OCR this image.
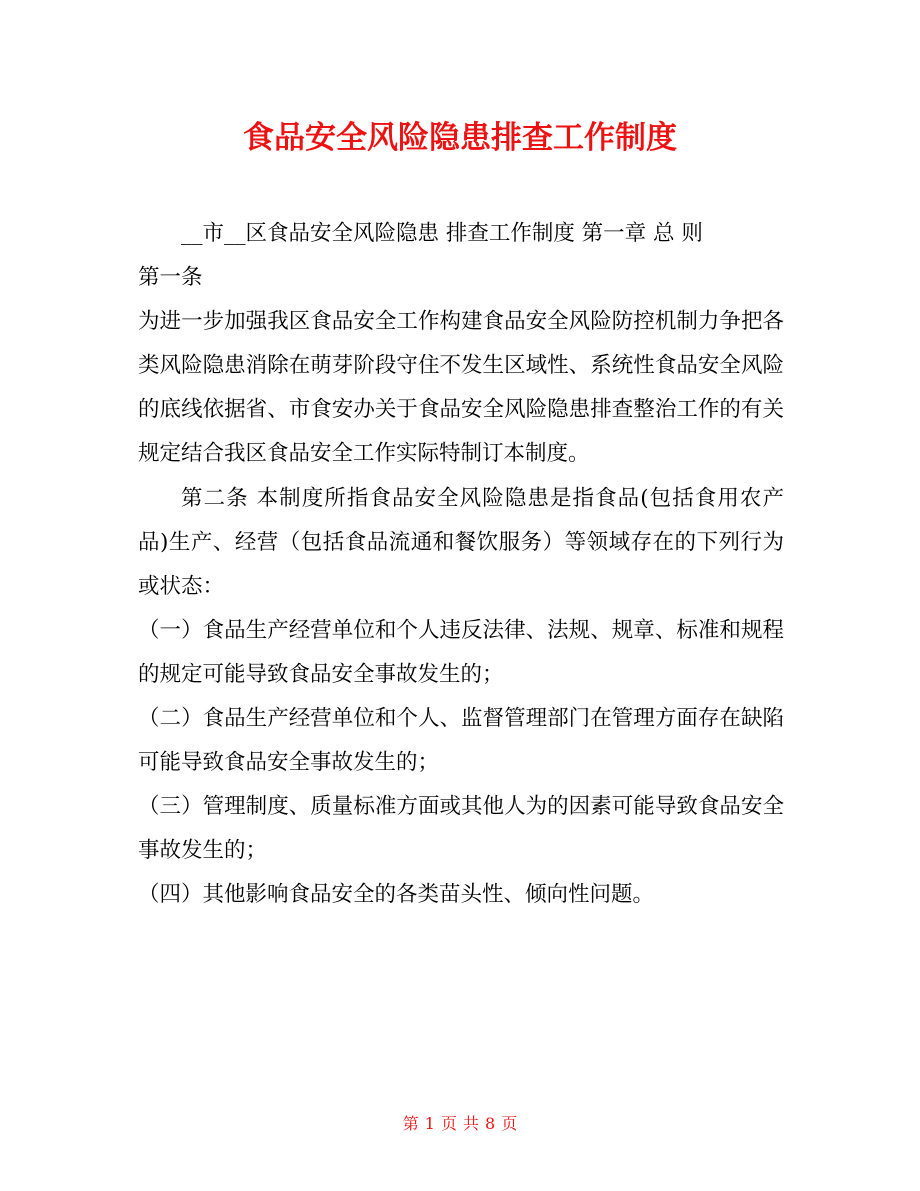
食品安全风险隐患排查工作制度

__市__区食品安全风险隐患 排查工作制度 第一章 总 则

第一条

为进一步加强我区食品安全工作构建食品安全风险防控机制力争把各类风险隐患消除在萌芽阶段守住不发生区域性、系统性食品安全风险的底线依据省、市食安办关于食品安全风险隐患排查整治工作的有关规定结合我区食品安全工作实际特制订本制度。

第二条 本制度所指食品安全风险隐患是指食品(包括食用农产品)生产、经营（包括食品流通和餐饮服务）等领域存在的下列行为或状态：

（一）食品生产经营单位和个人违反法律、法规、规章、标准和规程的规定可能导致食品安全事故发生的；

（二）食品生产经营单位和个人、监督管理部门在管理方面存在缺陷可能导致食品安全事故发生的；

（三）管理制度、质量标准方面或其他人为的因素可能导致食品安全事故发生的；

（四）其他影响食品安全的各类苗头性、倾向性问题。

第 1 页 共 8 页
